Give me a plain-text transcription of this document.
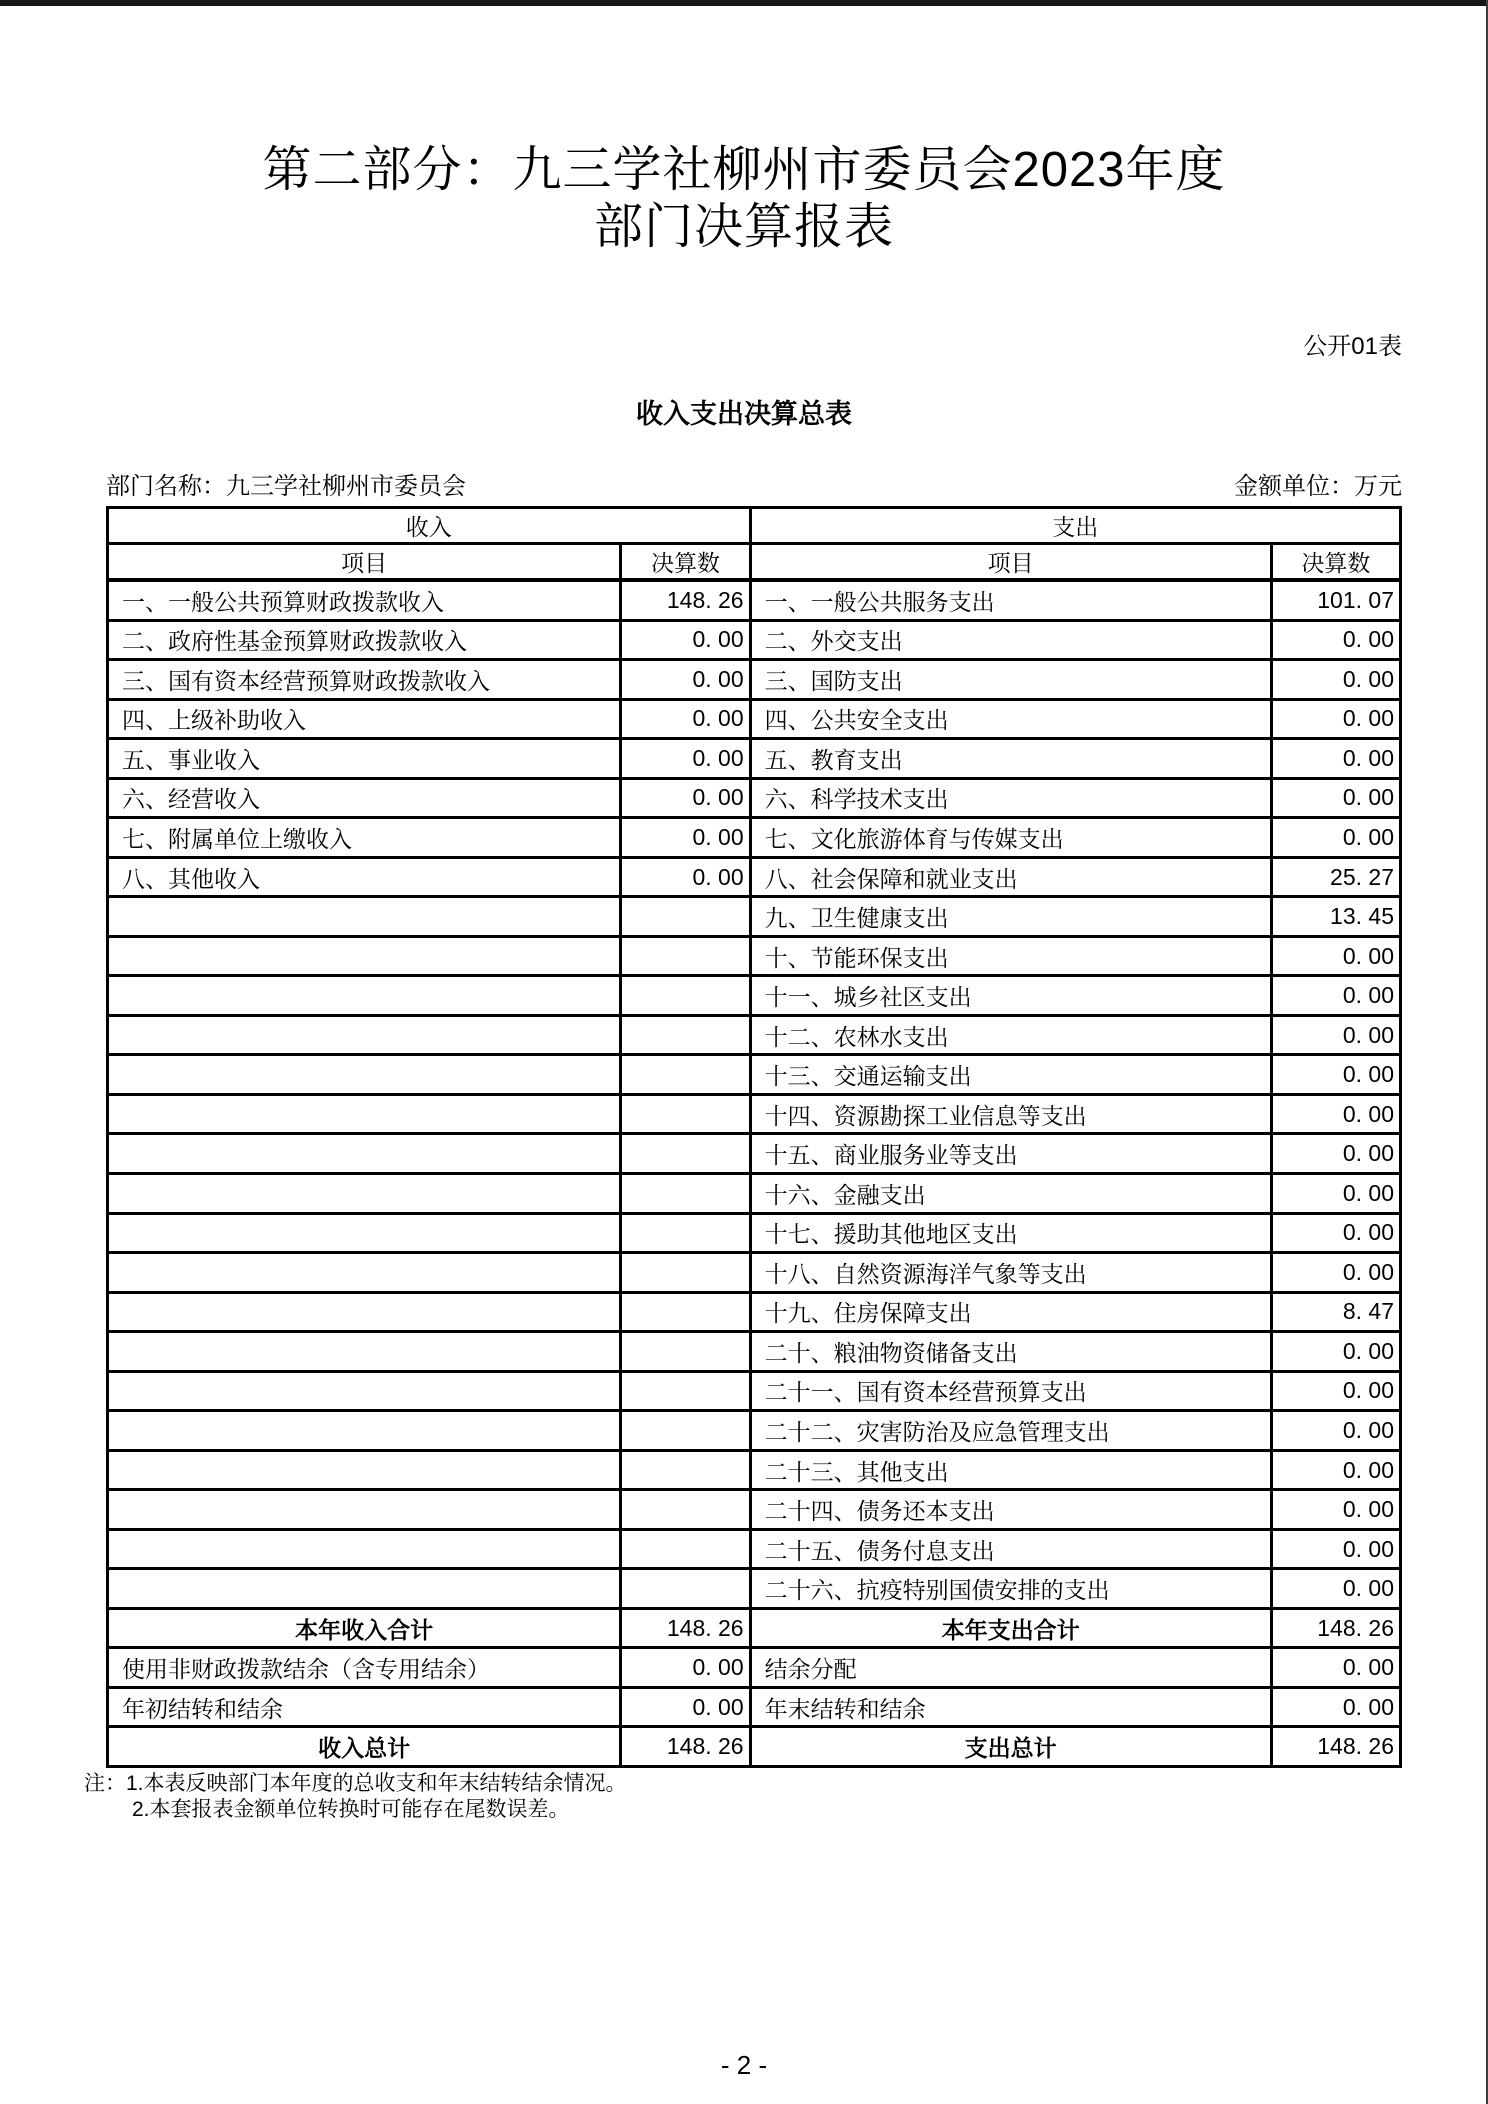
第二部分：九三学社柳州市委员会2023年度
部门决算报表
公开01表
收入支出决算总表
部门名称：九三学社柳州市委员会	金额单位：万元
收入		支出	
项目	决算数	项目	决算数
一、一般公共预算财政拨款收入	148. 26	一、一般公共服务支出	101. 07
二、政府性基金预算财政拨款收入	0. 00	二、外交支出	0. 00
三、国有资本经营预算财政拨款收入	0. 00	三、国防支出	0. 00
四、上级补助收入	0. 00	四、公共安全支出	0. 00
五、事业收入	0. 00	五、教育支出	0. 00
六、经营收入	0. 00	六、科学技术支出	0. 00
七、附属单位上缴收入	0. 00	七、文化旅游体育与传媒支出	0. 00
八、其他收入	0. 00	八、社会保障和就业支出	25. 27
		九、卫生健康支出	13. 45
		十、节能环保支出	0. 00
		十一、城乡社区支出	0. 00
		十二、农林水支出	0. 00
		十三、交通运输支出	0. 00
		十四、资源勘探工业信息等支出	0. 00
		十五、商业服务业等支出	0. 00
		十六、金融支出	0. 00
		十七、援助其他地区支出	0. 00
		十八、自然资源海洋气象等支出	0. 00
		十九、住房保障支出	8. 47
		二十、粮油物资储备支出	0. 00
		二十一、国有资本经营预算支出	0. 00
		二十二、灾害防治及应急管理支出	0. 00
		二十三、其他支出	0. 00
		二十四、债务还本支出	0. 00
		二十五、债务付息支出	0. 00
		二十六、抗疫特别国债安排的支出	0. 00
本年收入合计	148. 26	本年支出合计	148. 26
使用非财政拨款结余（含专用结余）	0. 00	结余分配	0. 00
年初结转和结余	0. 00	年末结转和结余	0. 00
收入总计	148. 26	支出总计	148. 26
注：1.本表反映部门本年度的总收支和年末结转结余情况。
2.本套报表金额单位转换时可能存在尾数误差。
- 2 -
